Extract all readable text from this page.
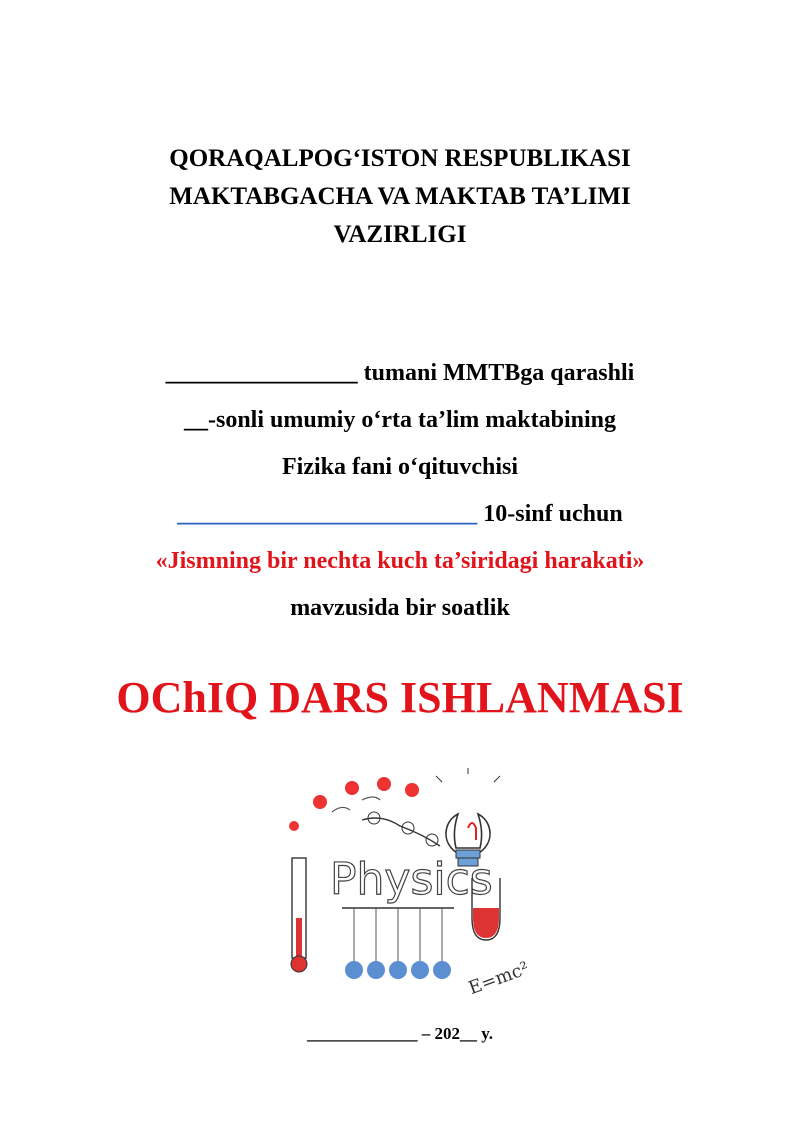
QORAQALPOG‘ISTON RESPUBLIKASI
MAKTABGACHA VA MAKTAB TA’LIMI
VAZIRLIGI
________________ tumani MMTBga qarashli
__-sonli umumiy o‘rta ta’lim maktabining
Fizika fani o‘qituvchisi
_________________________ 10-sinf uchun
«Jismning bir nechta kuch ta’siridagi harakati»
mavzusida bir soatlik
OChIQ DARS ISHLANMASI
Physics
E=mc²
_____________ – 202__ y.
